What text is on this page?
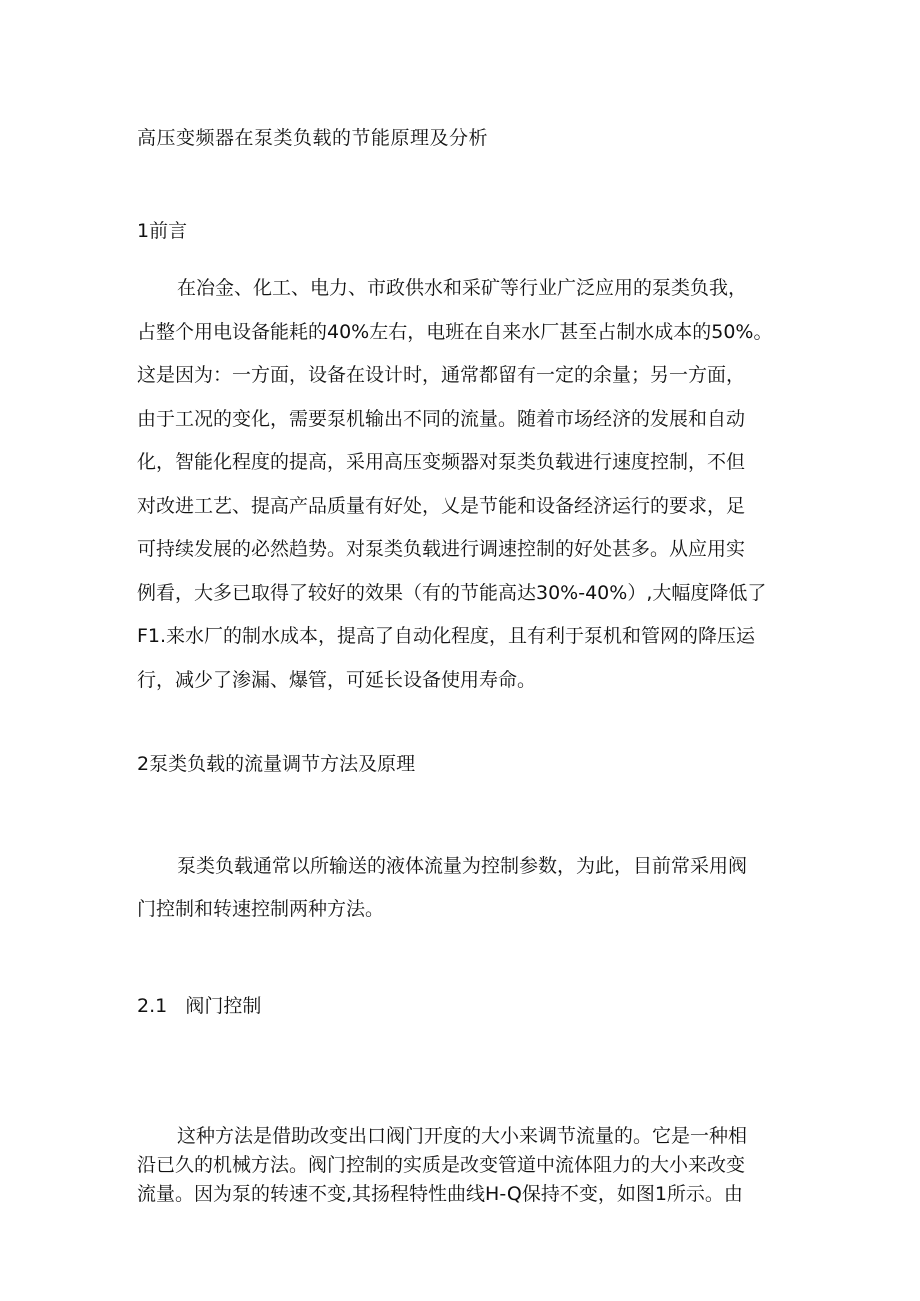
高压变频器在泵类负载的节能原理及分析
1前言
在冶金、化工、电力、市政供水和采矿等行业广泛应用的泵类负我，
占整个用电设备能耗的40%左右，电班在自来水厂甚至占制水成本的50%。
这是因为：一方面，设备在设计时，通常都留有一定的余量；另一方面，
由于工况的变化，需要泵机输出不同的流量。随着市场经济的发展和自动
化，智能化程度的提高，采用高压变频器对泵类负载进行速度控制，不但
对改进工艺、提高产品质量有好处，乂是节能和设备经济运行的要求，足
可持续发展的必然趋势。对泵类负载进行调速控制的好处甚多。从应用实
例看，大多已取得了较好的效果（有的节能高达30%-40%）,大幅度降低了
F1.来水厂的制水成本，提高了自动化程度，且有利于泵机和管网的降压运
行，减少了渗漏、爆管，可延长设备使用寿命。
2泵类负载的流量调节方法及原理
泵类负载通常以所输送的液体流量为控制参数，为此，目前常采用阀
门控制和转速控制两种方法。
2.1   阀门控制
这种方法是借助改变出口阀门开度的大小来调节流量的。它是一种相
沿已久的机械方法。阀门控制的实质是改变管道中流体阻力的大小来改变
流量。因为泵的转速不变,其扬程特性曲线H-Q保持不变，如图1所示。由
